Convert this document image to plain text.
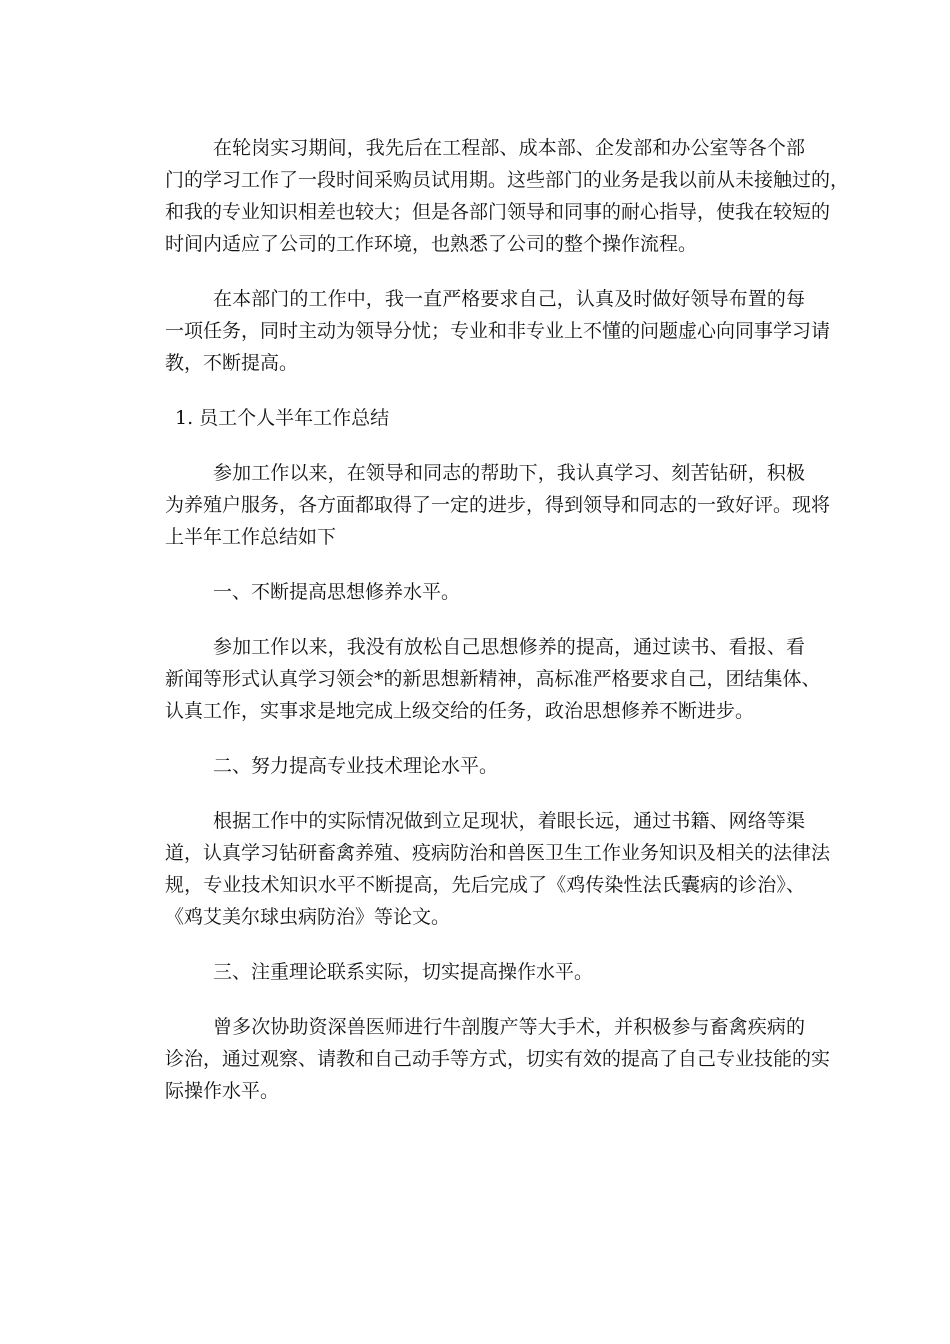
在轮岗实习期间，我先后在工程部、成本部、企发部和办公室等各个部
门的学习工作了一段时间采购员试用期。这些部门的业务是我以前从未接触过的，
和我的专业知识相差也较大；但是各部门领导和同事的耐心指导，使我在较短的
时间内适应了公司的工作环境，也熟悉了公司的整个操作流程。
在本部门的工作中，我一直严格要求自己，认真及时做好领导布置的每
一项任务，同时主动为领导分忧；专业和非专业上不懂的问题虚心向同事学习请
教，不断提高。
1. 员工个人半年工作总结
参加工作以来，在领导和同志的帮助下，我认真学习、刻苦钻研，积极
为养殖户服务，各方面都取得了一定的进步，得到领导和同志的一致好评。现将
上半年工作总结如下
一、不断提高思想修养水平。
参加工作以来，我没有放松自己思想修养的提高，通过读书、看报、看
新闻等形式认真学习领会*的新思想新精神，高标准严格要求自己，团结集体、
认真工作，实事求是地完成上级交给的任务，政治思想修养不断进步。
二、努力提高专业技术理论水平。
根据工作中的实际情况做到立足现状，着眼长远，通过书籍、网络等渠
道，认真学习钻研畜禽养殖、疫病防治和兽医卫生工作业务知识及相关的法律法
规，专业技术知识水平不断提高，先后完成了《鸡传染性法氏囊病的诊治》、
《鸡艾美尔球虫病防治》等论文。
三、注重理论联系实际，切实提高操作水平。
曾多次协助资深兽医师进行牛剖腹产等大手术，并积极参与畜禽疾病的
诊治，通过观察、请教和自己动手等方式，切实有效的提高了自己专业技能的实
际操作水平。
